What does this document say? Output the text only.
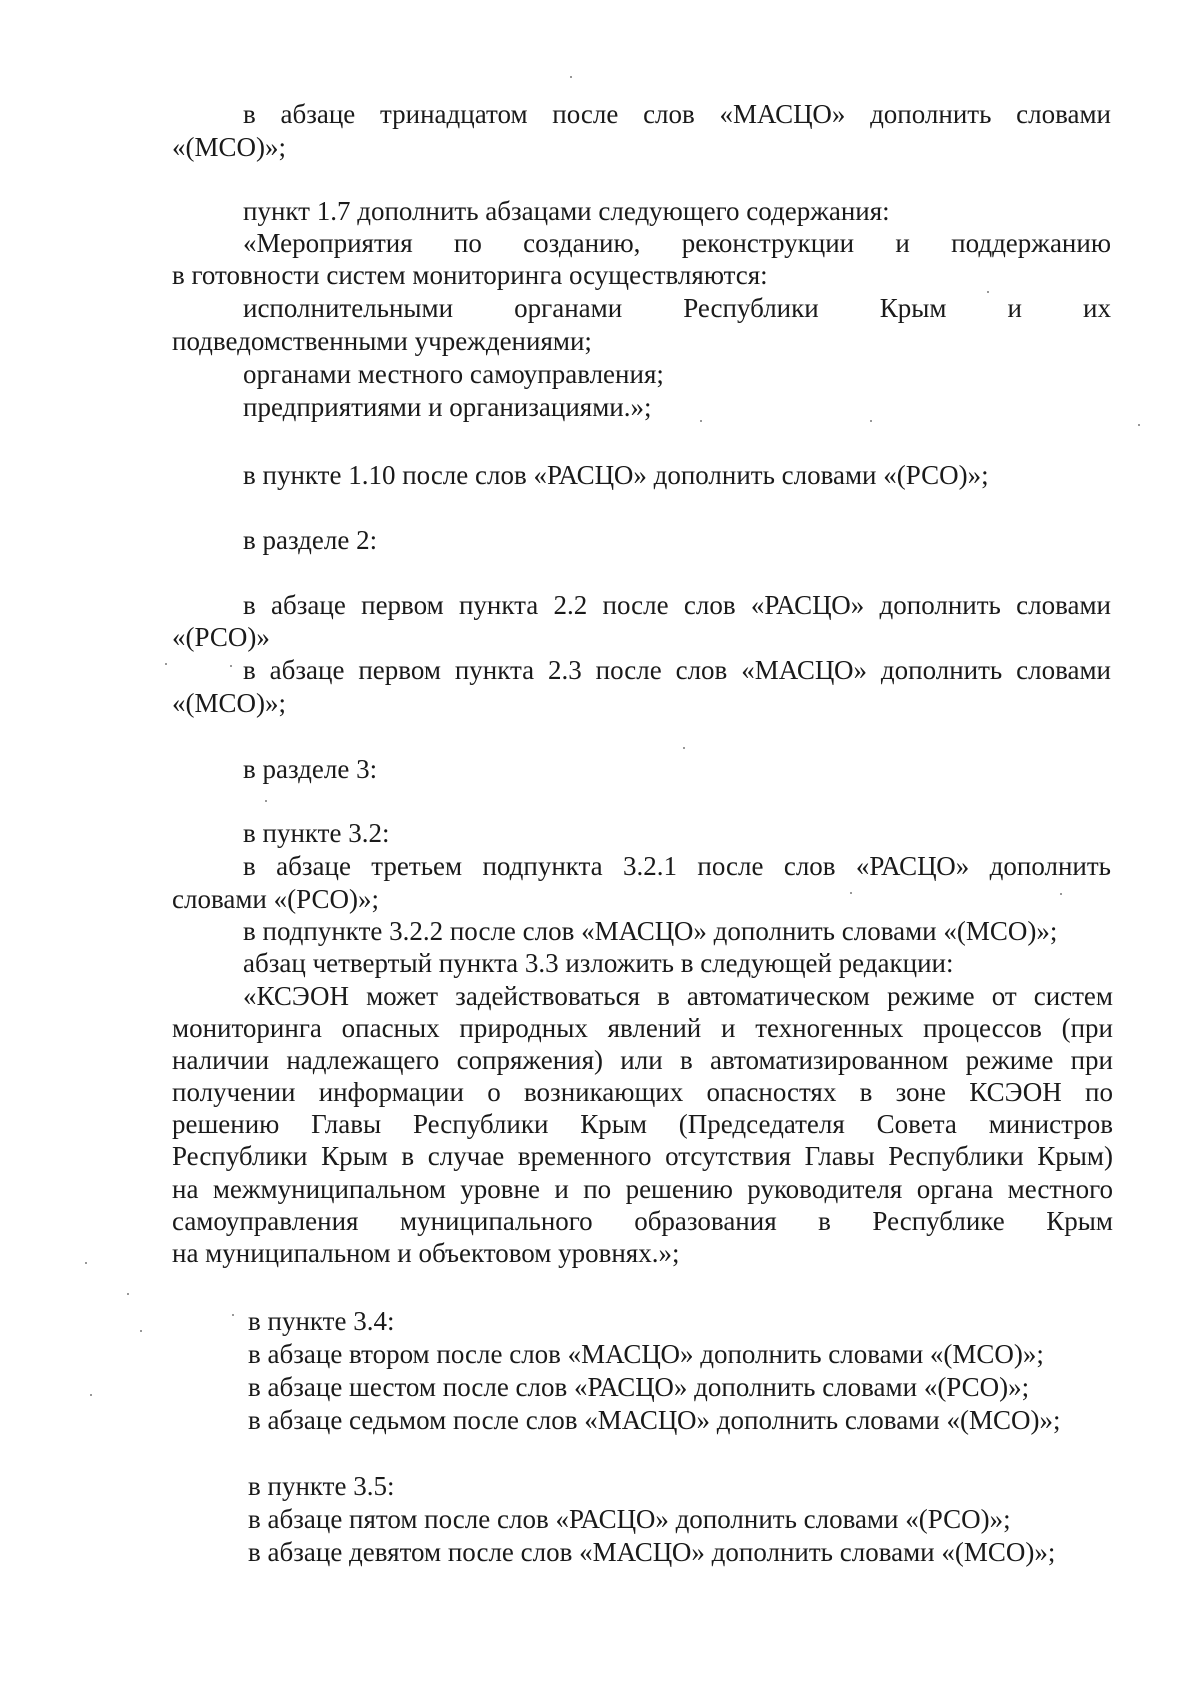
в абзаце тринадцатом после слов «МАСЦО» дополнить словами
«(МСО)»;
пункт 1.7 дополнить абзацами следующего содержания:
«Мероприятия по созданию, реконструкции и поддержанию
в готовности систем мониторинга осуществляются:
исполнительными органами Республики Крым и их
подведомственными учреждениями;
органами местного самоуправления;
предприятиями и организациями.»;
в пункте 1.10 после слов «РАСЦО» дополнить словами «(РСО)»;
в разделе 2:
в абзаце первом пункта 2.2 после слов «РАСЦО» дополнить словами
«(РСО)»
в абзаце первом пункта 2.3 после слов «МАСЦО» дополнить словами
«(МСО)»;
в разделе 3:
в пункте 3.2:
в абзаце третьем подпункта 3.2.1 после слов «РАСЦО» дополнить
словами «(РСО)»;
в подпункте 3.2.2 после слов «МАСЦО» дополнить словами «(МСО)»;
абзац четвертый пункта 3.3 изложить в следующей редакции:
«КСЭОН может задействоваться в автоматическом режиме от систем
мониторинга опасных природных явлений и техногенных процессов (при
наличии надлежащего сопряжения) или в автоматизированном режиме при
получении информации о возникающих опасностях в зоне КСЭОН по
решению Главы Республики Крым (Председателя Совета министров
Республики Крым в случае временного отсутствия Главы Республики Крым)
на межмуниципальном уровне и по решению руководителя органа местного
самоуправления муниципального образования в Республике Крым
на муниципальном и объектовом уровнях.»;
в пункте 3.4:
в абзаце втором после слов «МАСЦО» дополнить словами «(МСО)»;
в абзаце шестом после слов «РАСЦО» дополнить словами «(РСО)»;
в абзаце седьмом после слов «МАСЦО» дополнить словами «(МСО)»;
в пункте 3.5:
в абзаце пятом после слов «РАСЦО» дополнить словами «(РСО)»;
в абзаце девятом после слов «МАСЦО» дополнить словами «(МСО)»;
